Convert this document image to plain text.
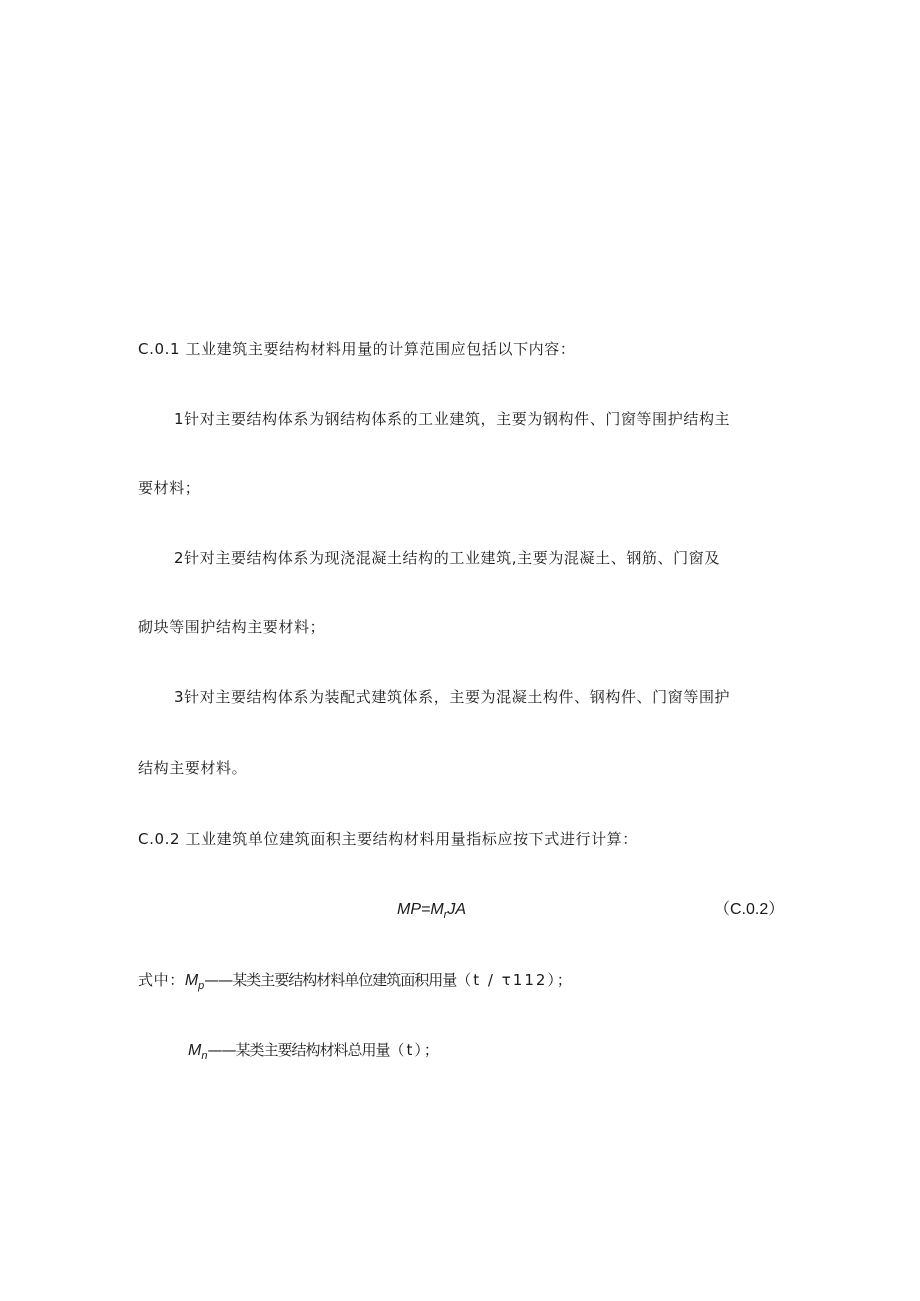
C.0.1 工业建筑主要结构材料用量的计算范围应包括以下内容：
1针对主要结构体系为钢结构体系的工业建筑，主要为钢构件、门窗等围护结构主
要材料；
2针对主要结构体系为现浇混凝土结构的工业建筑,主要为混凝土、钢筋、门窗及
砌块等围护结构主要材料；
3针对主要结构体系为装配式建筑体系，主要为混凝土构件、钢构件、门窗等围护
结构主要材料。
C.0.2 工业建筑单位建筑面积主要结构材料用量指标应按下式进行计算：
$MP=M_rJA$	（C.0.2）
式中：$M_p——$某类主要结构材料单位建筑面积用量（t / τ112）；
$M_n——$某类主要结构材料总用量（t）；
